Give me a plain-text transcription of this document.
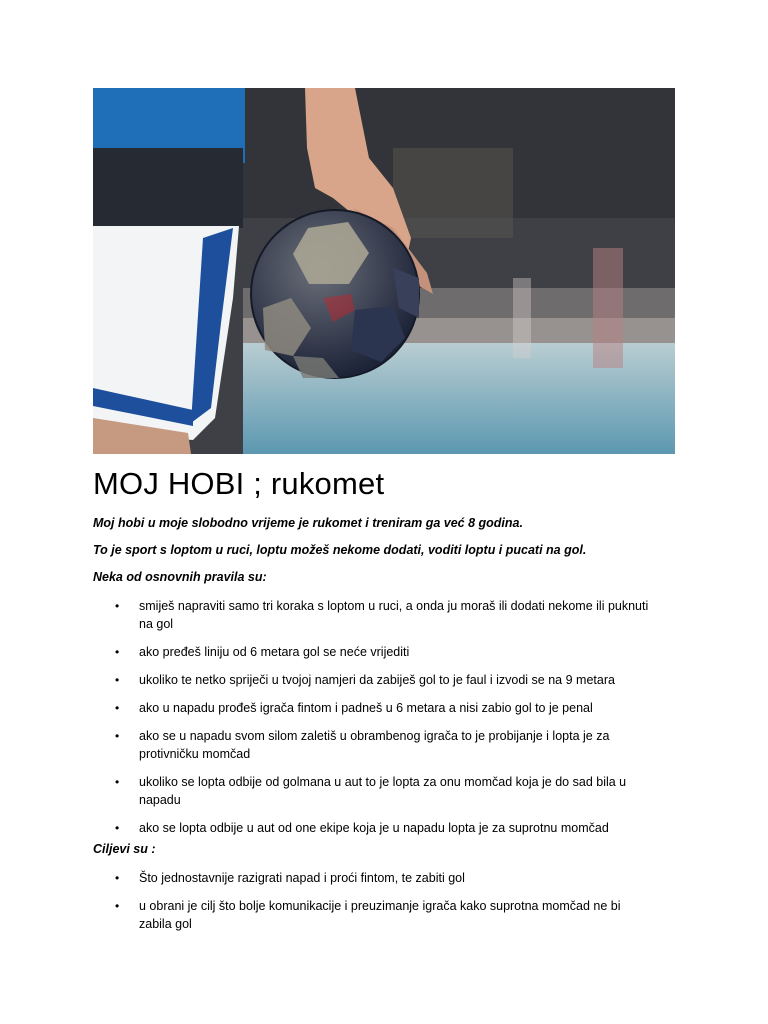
MOJ HOBI ; rukomet
Moj hobi u moje slobodno vrijeme je rukomet i treniram ga već 8 godina.
To je sport s loptom u ruci, loptu možeš nekome dodati, voditi loptu i pucati na gol.
Neka od osnovnih pravila su:
• smiješ napraviti samo tri koraka s loptom u ruci, a onda ju moraš ili dodati nekome ili puknuti na gol
• ako pređeš liniju od 6 metara gol se neće vrijediti
• ukoliko te netko spriječi u tvojoj namjeri da zabiješ gol to je faul i izvodi se na 9 metara
• ako u napadu prođeš igrača fintom i padneš u 6 metara a nisi zabio gol to je penal
• ako se u napadu svom silom zaletiš u obrambenog igrača to je probijanje i lopta je za protivničku momčad
• ukoliko se lopta odbije od golmana u aut to je lopta za onu momčad koja je do sad bila u napadu
• ako se lopta odbije u aut od one ekipe koja je u napadu lopta je za suprotnu momčad
Ciljevi su :
• Što jednostavnije razigrati napad i proći fintom, te zabiti gol
• u obrani je cilj što bolje komunikacije i preuzimanje igrača kako suprotna momčad ne bi zabila gol
